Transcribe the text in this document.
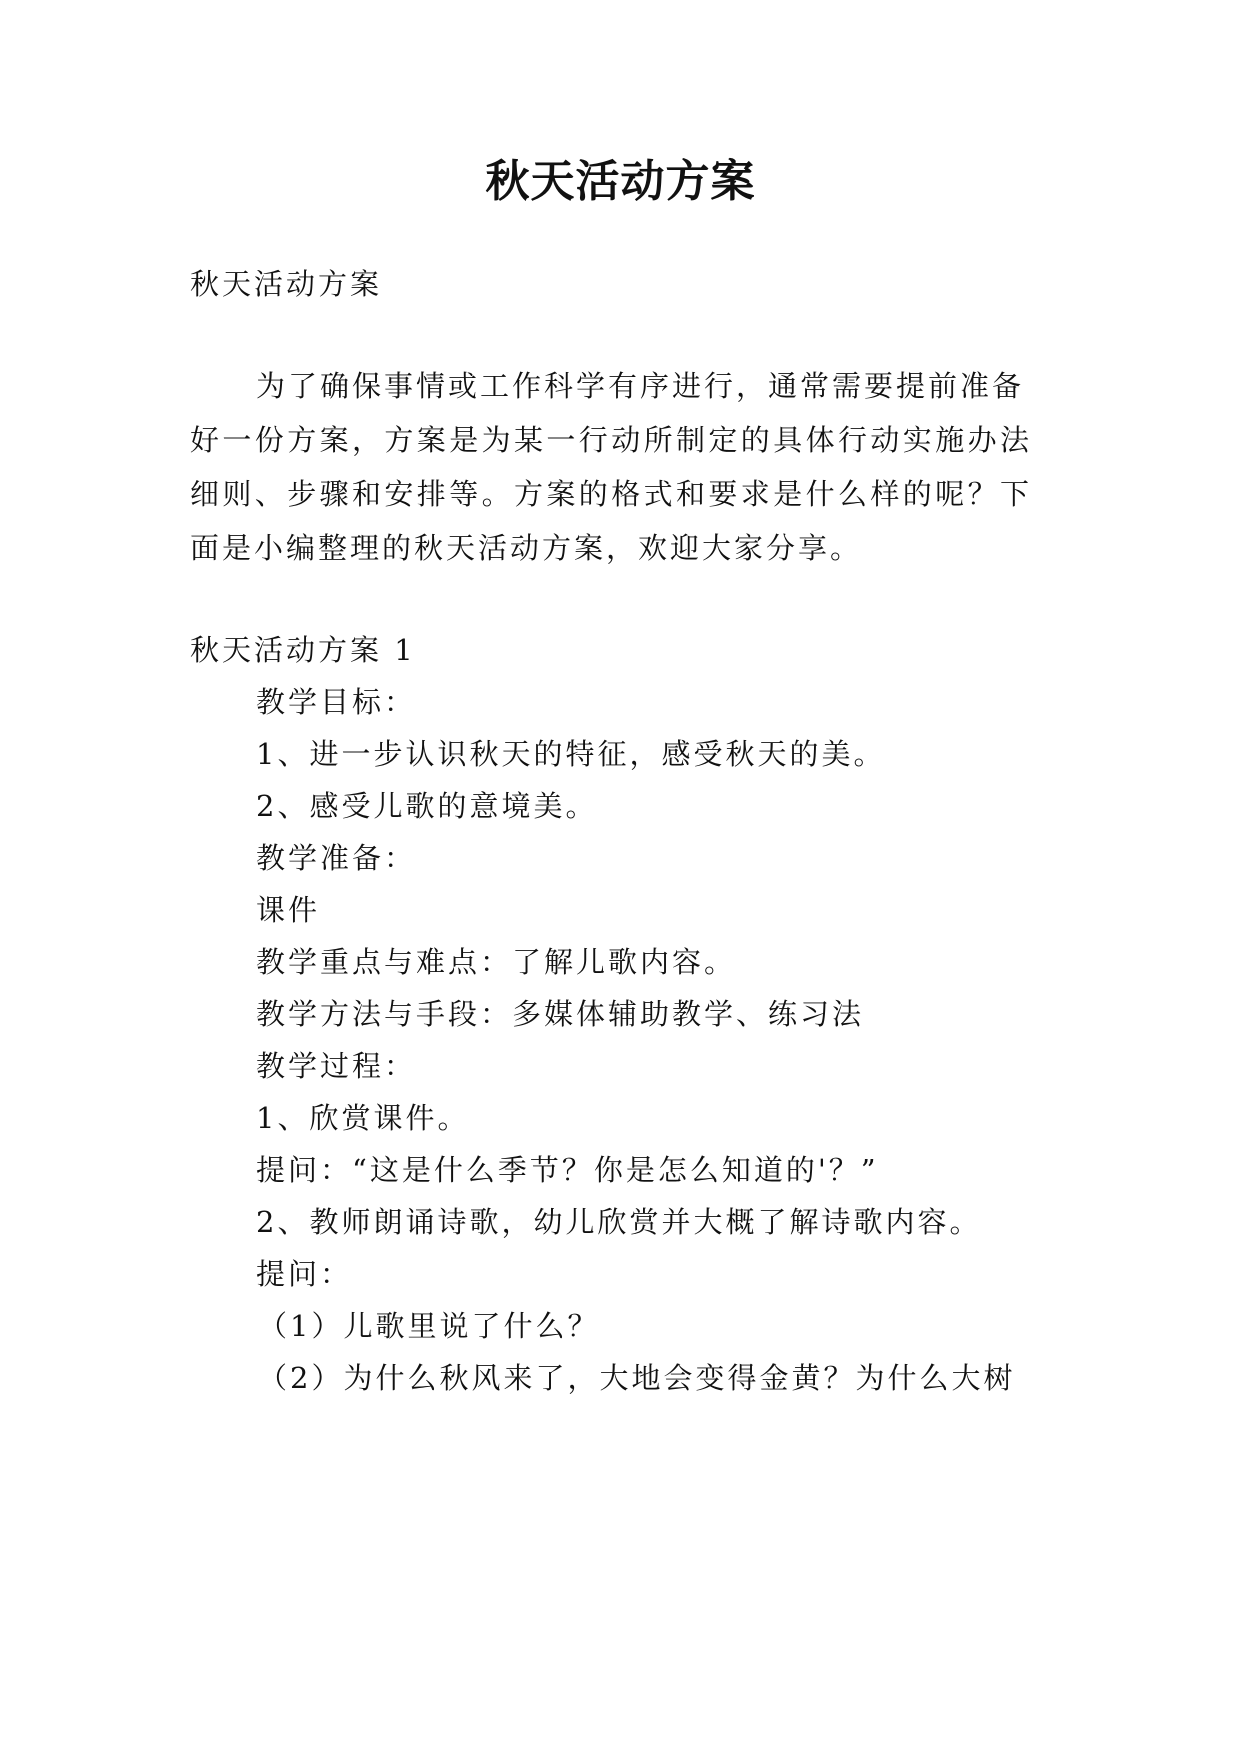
秋天活动方案
秋天活动方案
为了确保事情或工作科学有序进行，通常需要提前准备
好一份方案，方案是为某一行动所制定的具体行动实施办法
细则、步骤和安排等。方案的格式和要求是什么样的呢？下
面是小编整理的秋天活动方案，欢迎大家分享。
秋天活动方案 1
教学目标：
1、进一步认识秋天的特征，感受秋天的美。
2、感受儿歌的意境美。
教学准备：
课件
教学重点与难点：了解儿歌内容。
教学方法与手段：多媒体辅助教学、练习法
教学过程：
1、欣赏课件。
提问：“这是什么季节？你是怎么知道的'？”
2、教师朗诵诗歌，幼儿欣赏并大概了解诗歌内容。
提问：
（1）儿歌里说了什么？
（2）为什么秋风来了，大地会变得金黄？为什么大树
